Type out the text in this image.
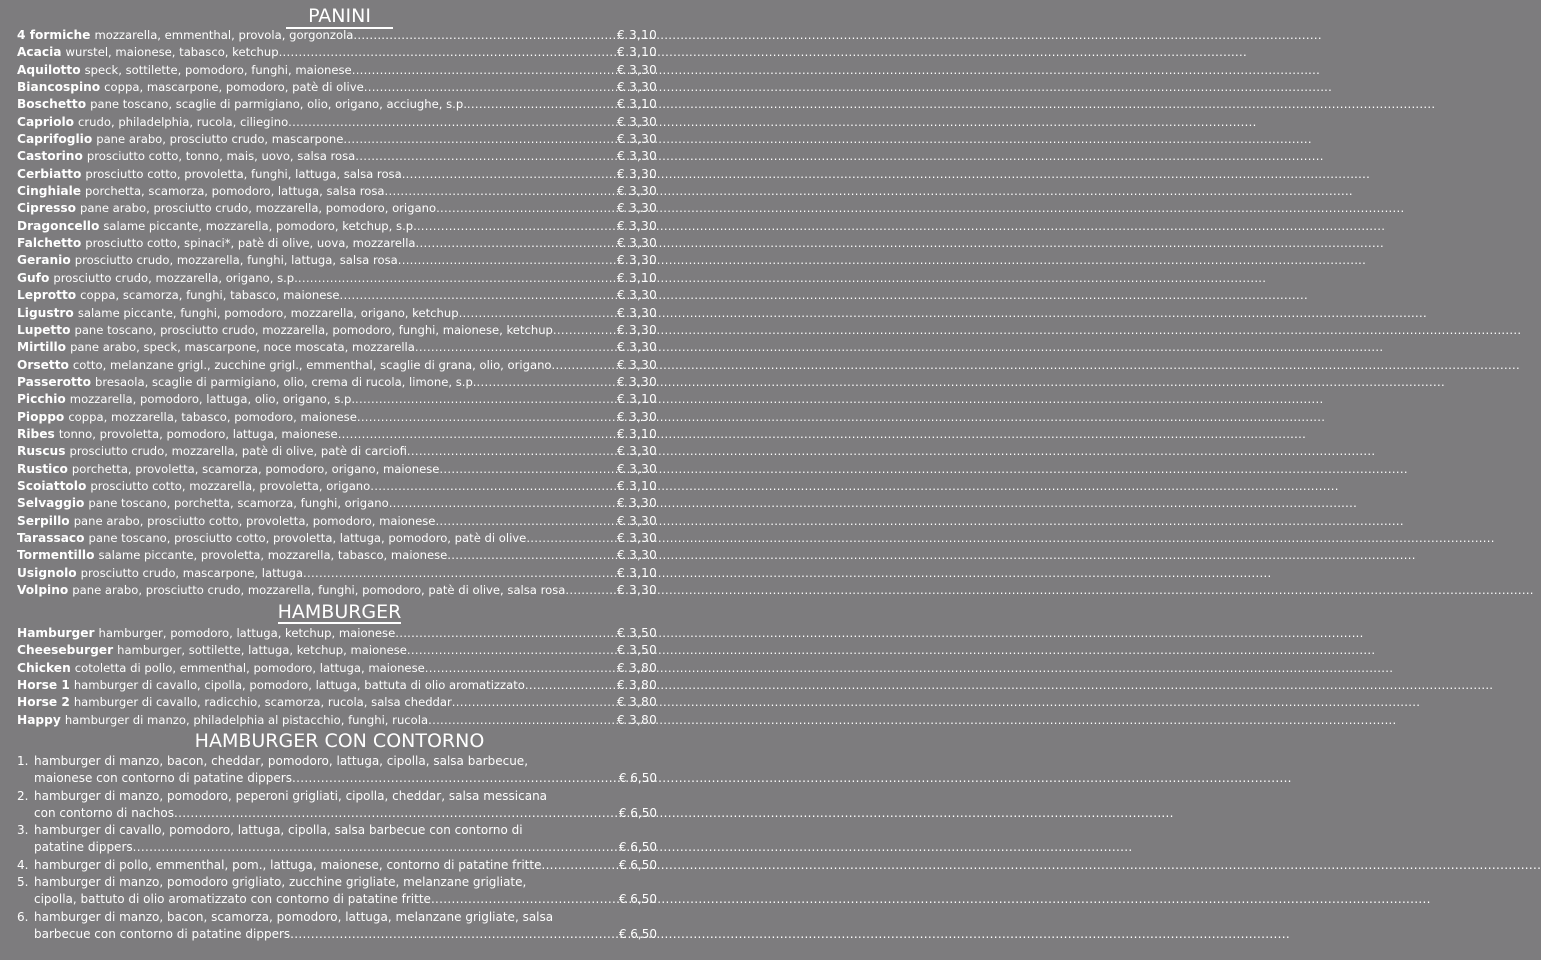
PANINI
4 formiche mozzarella, emmenthal, provola, gorgonzola .....	€ 3,10
Acacia wurstel, maionese, tabasco, ketchup .....	€ 3,10
Aquilotto speck, sottilette, pomodoro, funghi, maionese .....	€ 3,30
Biancospino coppa, mascarpone, pomodoro, patè di olive .....	€ 3,30
Boschetto pane toscano, scaglie di parmigiano, olio, origano, acciughe, s.p. .....	€ 3,10
Capriolo crudo, philadelphia, rucola, ciliegino .....	€ 3,30
Caprifoglio pane arabo, prosciutto crudo, mascarpone .....	€ 3,30
Castorino prosciutto cotto, tonno, mais, uovo, salsa rosa .....	€ 3,30
Cerbiatto prosciutto cotto, provoletta, funghi, lattuga, salsa rosa .....	€ 3,30
Cinghiale porchetta, scamorza, pomodoro, lattuga, salsa rosa .....	€ 3,30
Cipresso pane arabo, prosciutto crudo, mozzarella, pomodoro, origano .....	€ 3,30
Dragoncello salame piccante, mozzarella, pomodoro, ketchup, s.p. .....	€ 3,30
Falchetto prosciutto cotto, spinaci*, patè di olive, uova, mozzarella .....	€ 3,30
Geranio prosciutto crudo, mozzarella, funghi, lattuga, salsa rosa .....	€ 3,30
Gufo prosciutto crudo, mozzarella, origano, s.p. .....	€ 3,10
Leprotto coppa, scamorza, funghi, tabasco, maionese .....	€ 3,30
Ligustro salame piccante, funghi, pomodoro, mozzarella, origano, ketchup .....	€ 3,30
Lupetto pane toscano, prosciutto crudo, mozzarella, pomodoro, funghi, maionese, ketchup .....	€ 3,30
Mirtillo pane arabo, speck, mascarpone, noce moscata, mozzarella .....	€ 3,30
Orsetto cotto, melanzane grigl., zucchine grigl., emmenthal, scaglie di grana, olio, origano .....	€ 3,30
Passerotto bresaola, scaglie di parmigiano, olio, crema di rucola, limone, s.p. .....	€ 3,30
Picchio mozzarella, pomodoro, lattuga, olio, origano, s.p. .....	€ 3,10
Pioppo coppa, mozzarella, tabasco, pomodoro, maionese .....	€ 3,30
Ribes tonno, provoletta, pomodoro, lattuga, maionese .....	€ 3,10
Ruscus prosciutto crudo, mozzarella, patè di olive, patè di carciofi .....	€ 3,30
Rustico porchetta, provoletta, scamorza, pomodoro, origano, maionese .....	€ 3,30
Scoiattolo prosciutto cotto, mozzarella, provoletta, origano .....	€ 3,10
Selvaggio pane toscano, porchetta, scamorza, funghi, origano .....	€ 3,30
Serpillo pane arabo, prosciutto cotto, provoletta, pomodoro, maionese .....	€ 3,30
Tarassaco pane toscano, prosciutto cotto, provoletta, lattuga, pomodoro, patè di olive .....	€ 3,30
Tormentillo salame piccante, provoletta, mozzarella, tabasco, maionese .....	€ 3,30
Usignolo prosciutto crudo, mascarpone, lattuga .....	€ 3,10
Volpino pane arabo, prosciutto crudo, mozzarella, funghi, pomodoro, patè di olive, salsa rosa .....	€ 3,30
HAMBURGER
Hamburger hamburger, pomodoro, lattuga, ketchup, maionese .....	€ 3,50
Cheeseburger hamburger, sottilette, lattuga, ketchup, maionese .....	€ 3,50
Chicken cotoletta di pollo, emmenthal, pomodoro, lattuga, maionese .....	€ 3,80
Horse 1 hamburger di cavallo, cipolla, pomodoro, lattuga, battuta di olio aromatizzato .....	€ 3,80
Horse 2 hamburger di cavallo, radicchio, scamorza, rucola, salsa cheddar .....	€ 3,80
Happy hamburger di manzo, philadelphia al pistacchio, funghi, rucola .....	€ 3,80
HAMBURGER CON CONTORNO
1. hamburger di manzo, bacon, cheddar, pomodoro, lattuga, cipolla, salsa barbecue,
maionese con contorno di patatine dippers .....	€ 6,50
2. hamburger di manzo, pomodoro, peperoni grigliati, cipolla, cheddar, salsa messicana
con contorno di nachos .....	€ 6,50
3. hamburger di cavallo, pomodoro, lattuga, cipolla, salsa barbecue con contorno di
patatine dippers .....	€ 6,50
4. hamburger di pollo, emmenthal, pom., lattuga, maionese, contorno di patatine fritte .....	€ 6,50
5. hamburger di manzo, pomodoro grigliato, zucchine grigliate, melanzane grigliate,
cipolla, battuto di olio aromatizzato con contorno di patatine fritte .....	€ 6,50
6. hamburger di manzo, bacon, scamorza, pomodoro, lattuga, melanzane grigliate, salsa
barbecue con contorno di patatine dippers .....	€ 6,50
